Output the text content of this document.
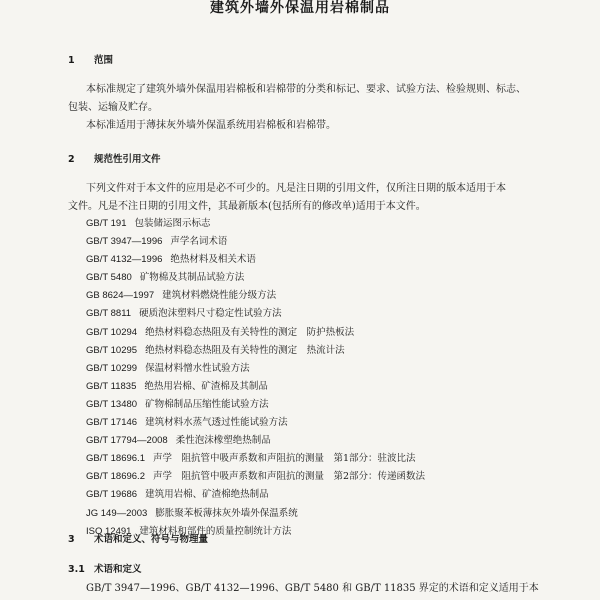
建筑外墙外保温用岩棉制品
1 范围
本标准规定了建筑外墙外保温用岩棉板和岩棉带的分类和标记、要求、试验方法、检验规则、标志、
包装、运输及贮存。
本标准适用于薄抹灰外墙外保温系统用岩棉板和岩棉带。
2 规范性引用文件
下列文件对于本文件的应用是必不可少的。凡是注日期的引用文件，仅所注日期的版本适用于本
文件。凡是不注日期的引用文件，其最新版本(包括所有的修改单)适用于本文件。
GB/T 191 包装储运图示标志
GB/T 3947—1996 声学名词术语
GB/T 4132—1996 绝热材料及相关术语
GB/T 5480 矿物棉及其制品试验方法
GB 8624—1997 建筑材料燃烧性能分级方法
GB/T 8811 硬质泡沫塑料尺寸稳定性试验方法
GB/T 10294 绝热材料稳态热阻及有关特性的测定　防护热板法
GB/T 10295 绝热材料稳态热阻及有关特性的测定　热流计法
GB/T 10299 保温材料憎水性试验方法
GB/T 11835 绝热用岩棉、矿渣棉及其制品
GB/T 13480 矿物棉制品压缩性能试验方法
GB/T 17146 建筑材料水蒸气透过性能试验方法
GB/T 17794—2008 柔性泡沫橡塑绝热制品
GB/T 18696.1 声学　阻抗管中吸声系数和声阻抗的测量　第1部分：驻波比法
GB/T 18696.2 声学　阻抗管中吸声系数和声阻抗的测量　第2部分：传递函数法
GB/T 19686 建筑用岩棉、矿渣棉绝热制品
JG 149—2003 膨胀聚苯板薄抹灰外墙外保温系统
ISO 12491 建筑材料和部件的质量控制统计方法
3 术语和定义、符号与物理量
3.1 术语和定义
GB/T 3947—1996、GB/T 4132—1996、GB/T 5480 和 GB/T 11835 界定的术语和定义适用于本
